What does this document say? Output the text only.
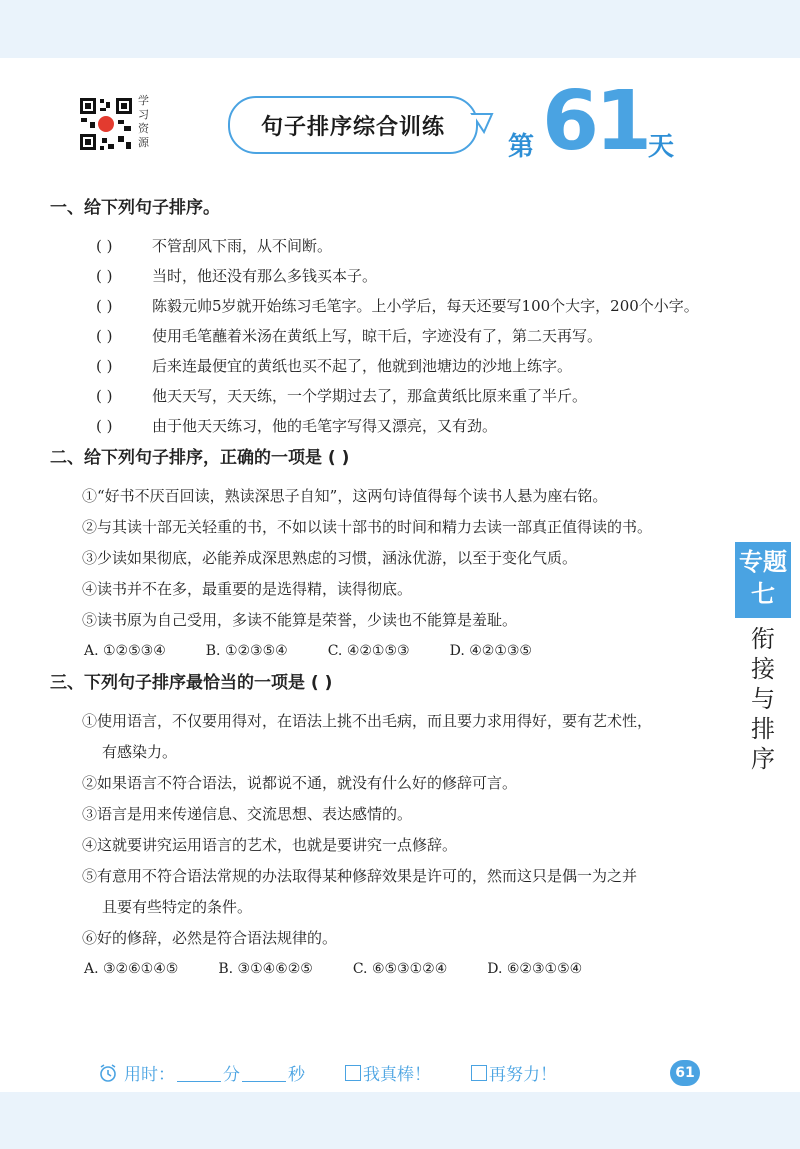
学习资源
句子排序综合训练
第 61 天
一、给下列句子排序。
( )	不管刮风下雨，从不间断。
( )	当时，他还没有那么多钱买本子。
( )	陈毅元帅5岁就开始练习毛笔字。上小学后，每天还要写100个大字，200个小字。
( )	使用毛笔蘸着米汤在黄纸上写，晾干后，字迹没有了，第二天再写。
( )	后来连最便宜的黄纸也买不起了，他就到池塘边的沙地上练字。
( )	他天天写，天天练，一个学期过去了，那盒黄纸比原来重了半斤。
( )	由于他天天练习，他的毛笔字写得又漂亮，又有劲。
二、给下列句子排序，正确的一项是 ( )
①“好书不厌百回读，熟读深思子自知”，这两句诗值得每个读书人悬为座右铭。
②与其读十部无关轻重的书，不如以读十部书的时间和精力去读一部真正值得读的书。
③少读如果彻底，必能养成深思熟虑的习惯，涵泳优游，以至于变化气质。
④读书并不在多，最重要的是选得精，读得彻底。
⑤读书原为自己受用，多读不能算是荣誉，少读也不能算是羞耻。
A. ①②⑤③④	B. ①②③⑤④	C. ④②①⑤③	D. ④②①③⑤
三、下列句子排序最恰当的一项是 ( )
①使用语言，不仅要用得对，在语法上挑不出毛病，而且要力求用得好，要有艺术性，
有感染力。
②如果语言不符合语法，说都说不通，就没有什么好的修辞可言。
③语言是用来传递信息、交流思想、表达感情的。
④这就要讲究运用语言的艺术，也就是要讲究一点修辞。
⑤有意用不符合语法常规的办法取得某种修辞效果是许可的，然而这只是偶一为之并
且要有些特定的条件。
⑥好的修辞，必然是符合语法规律的。
A. ③②⑥①④⑤	B. ③①④⑥②⑤	C. ⑥⑤③①②④	D. ⑥②③①⑤④
专题七
衔接与排序
用时：	分	秒	我真棒！	再努力！	61
